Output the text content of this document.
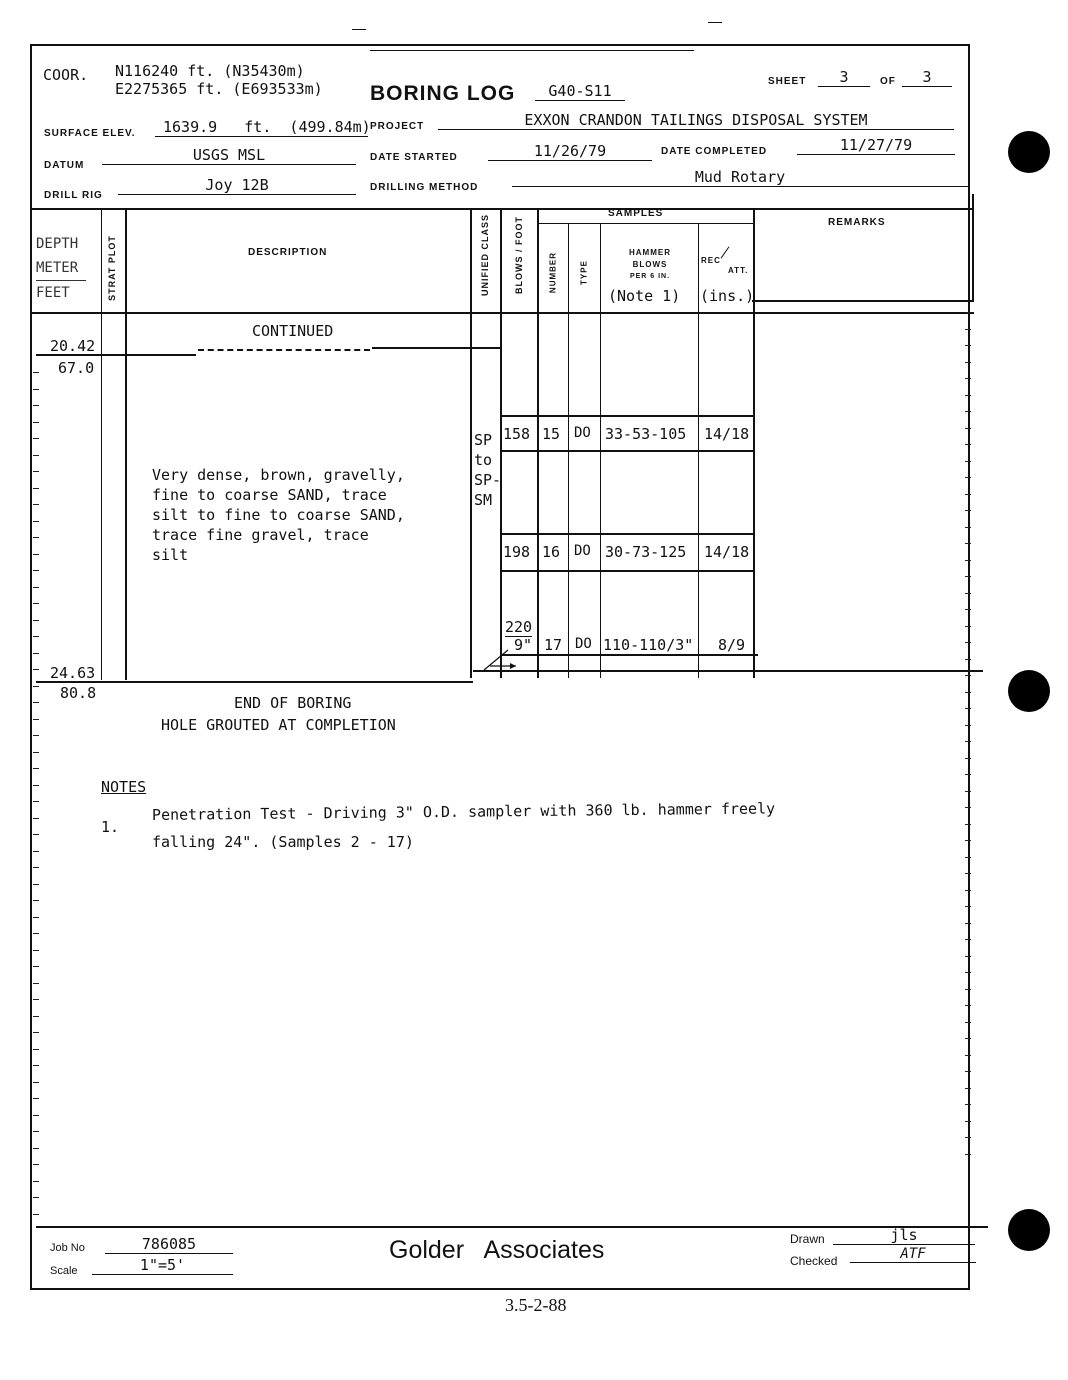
COOR. N116240 ft. (N35430m)
E2275365 ft. (E693533m) BORING LOG	G40-S11
SHEET	3	OF	3
SURFACE ELEV.	1639.9   ft.  (499.84m) PROJECT	EXXON CRANDON TAILINGS DISPOSAL SYSTEM
DATUM
USGS MSL	DATE STARTED	11/26/79	DATE COMPLETED	11/27/79
DRILL RIG
Joy 12B	DRILLING METHOD
Mud Rotary
DEPTH
METER
FEET	STRAT PLOT	DESCRIPTION	UNIFIED CLASS	BLOWS / FOOT
SAMPLES
NUMBER	TYPE
HAMMER
BLOWS
PER 6 IN.
(Note 1)
REC
ATT.
(ins.)
REMARKS
CONTINUED
20.42
67.0
Very dense, brown, gravelly,
fine to coarse SAND, trace
silt to fine to coarse SAND,
trace fine gravel, trace
silt
SP
to
SP-
SM
158 15 DO 33-53-105 14/18
198 16 DO 30-73-125 14/18
220
9" 17 DO 110-110/3" 8/9
24.63
80.8
END OF BORING
HOLE GROUTED AT COMPLETION
NOTES
1.
Penetration Test - Driving 3" O.D. sampler with 360 lb. hammer freely
falling 24". (Samples 2 - 17)
Job No	786085
Scale	1"=5'
Golder   Associates	Drawn	jls
Checked	ATF
3.5-2-88
